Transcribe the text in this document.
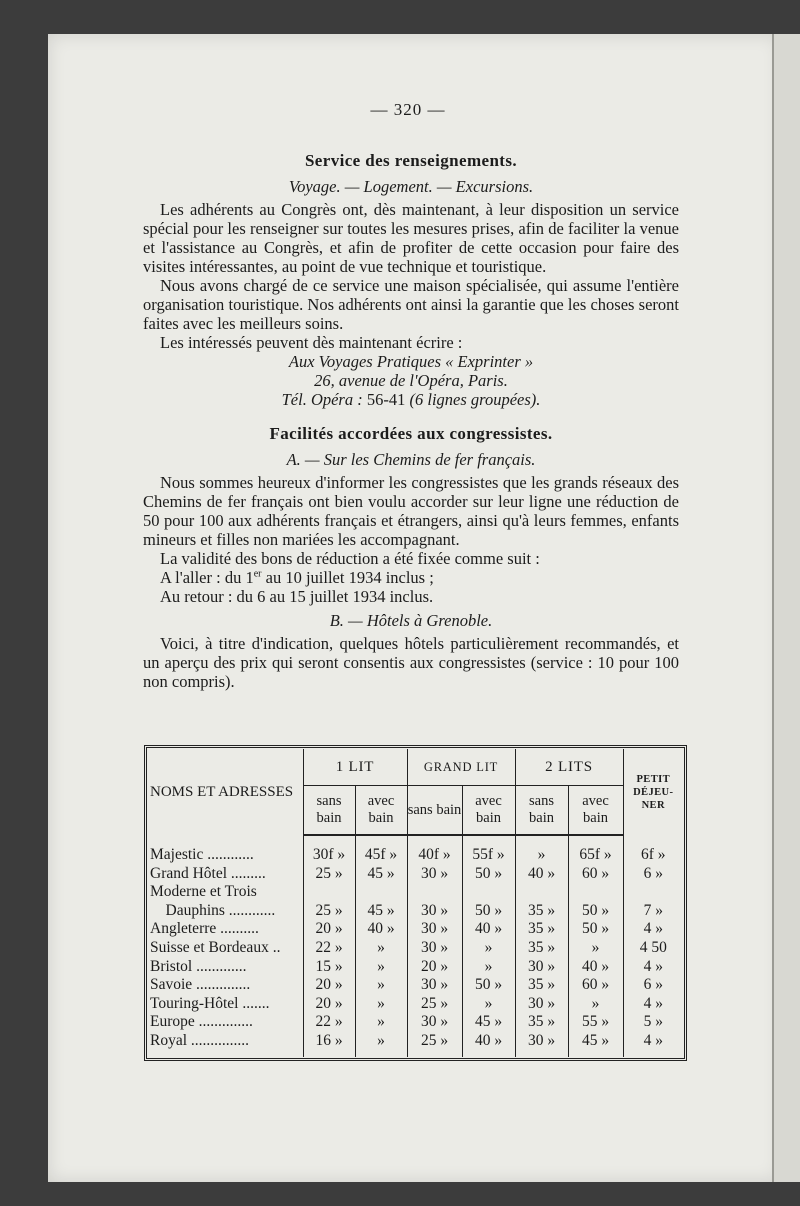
— 320 —
Service des renseignements.
Voyage. — Logement. — Excursions.

Les adhérents au Congrès ont, dès maintenant, à leur disposition un service spécial pour les renseigner sur toutes les mesures prises, afin de faciliter la venue et l'assistance au Congrès, et afin de profiter de cette occasion pour faire des visites intéressantes, au point de vue technique et touristique.

Nous avons chargé de ce service une maison spécialisée, qui assume l'entière organisation touristique. Nos adhérents ont ainsi la garantie que les choses seront faites avec les meilleurs soins.

Les intéressés peuvent dès maintenant écrire :

Aux Voyages Pratiques « Exprinter »
26, avenue de l'Opéra, Paris.
Tél. Opéra : 56-41 (6 lignes groupées).
Facilités accordées aux congressistes.
A. — Sur les Chemins de fer français.

Nous sommes heureux d'informer les congressistes que les grands réseaux des Chemins de fer français ont bien voulu accorder sur leur ligne une réduction de 50 pour 100 aux adhérents français et étrangers, ainsi qu'à leurs femmes, enfants mineurs et filles non mariées les accompagnant.

La validité des bons de réduction a été fixée comme suit :

A l'aller : du 1er au 10 juillet 1934 inclus ;
Au retour : du 6 au 15 juillet 1934 inclus.
B. — Hôtels à Grenoble.

Voici, à titre d'indication, quelques hôtels particulièrement recommandés, et un aperçu des prix qui seront consentis aux congressistes (service : 10 pour 100 non compris).

NOMS ET ADRESSES	1 LIT		GRAND LIT		2 LITS		PETIT DÉJEU- NER
	sans bain	avec bain	sans bain	avec bain	sans bain	avec bain	
Majestic ............	30f »	45f »	40f »	55f »	»	65f »	6f »
Grand Hôtel .........	25 »	45 »	30 »	50 »	40 »	60 »	6 »
Moderne et Trois							
Dauphins ............	25 »	45 »	30 »	50 »	35 »	50 »	7 »
Angleterre ..........	20 »	40 »	30 »	40 »	35 »	50 »	4 »
Suisse et Bordeaux ..	22 »	»	30 »	»	35 »	»	4 50
Bristol .............	15 »	»	20 »	»	30 »	40 »	4 »
Savoie ..............	20 »	»	30 »	50 »	35 »	60 »	6 »
Touring-Hôtel .......	20 »	»	25 »	»	30 »	»	4 »
Europe ..............	22 »	»	30 »	45 »	35 »	55 »	5 »
Royal ...............	16 »	»	25 »	40 »	30 »	45 »	4 »
